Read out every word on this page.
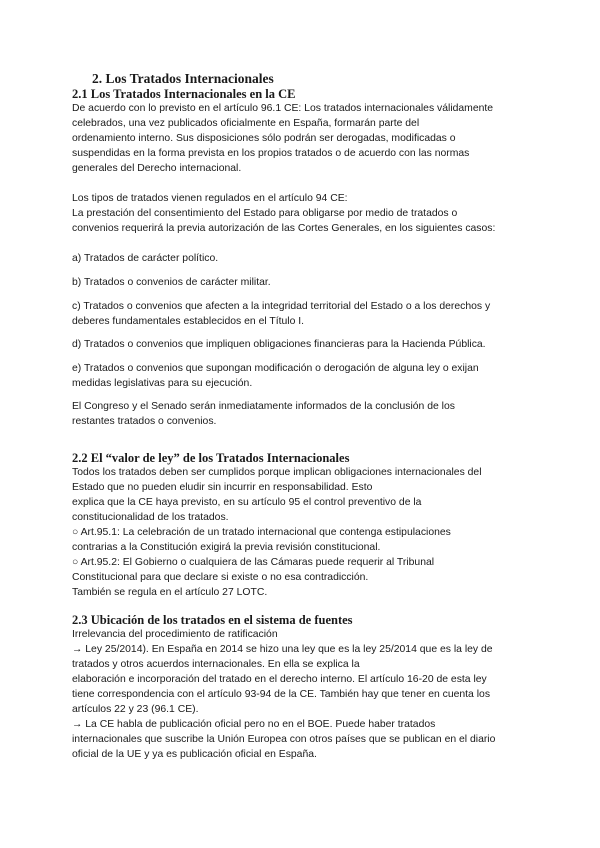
2. Los Tratados Internacionales
2.1 Los Tratados Internacionales en la CE
De acuerdo con lo previsto en el artículo 96.1 CE: Los tratados internacionales válidamente
celebrados, una vez publicados oficialmente en España, formarán parte del
ordenamiento interno. Sus disposiciones sólo podrán ser derogadas, modificadas o
suspendidas en la forma prevista en los propios tratados o de acuerdo con las normas
generales del Derecho internacional.
Los tipos de tratados vienen regulados en el artículo 94 CE:
La prestación del consentimiento del Estado para obligarse por medio de tratados o
convenios requerirá la previa autorización de las Cortes Generales, en los siguientes casos:
a) Tratados de carácter político.
b) Tratados o convenios de carácter militar.
c) Tratados o convenios que afecten a la integridad territorial del Estado o a los derechos y
deberes fundamentales establecidos en el Título I.
d) Tratados o convenios que impliquen obligaciones financieras para la Hacienda Pública.
e) Tratados o convenios que supongan modificación o derogación de alguna ley o exijan
medidas legislativas para su ejecución.
El Congreso y el Senado serán inmediatamente informados de la conclusión de los
restantes tratados o convenios.
2.2 El “valor de ley” de los Tratados Internacionales
Todos los tratados deben ser cumplidos porque implican obligaciones internacionales del
Estado que no pueden eludir sin incurrir en responsabilidad. Esto
explica que la CE haya previsto, en su artículo 95 el control preventivo de la
constitucionalidad de los tratados.
○ Art.95.1: La celebración de un tratado internacional que contenga estipulaciones
contrarias a la Constitución exigirá la previa revisión constitucional.
○ Art.95.2: El Gobierno o cualquiera de las Cámaras puede requerir al Tribunal
Constitucional para que declare si existe o no esa contradicción.
También se regula en el artículo 27 LOTC.
2.3 Ubicación de los tratados en el sistema de fuentes
Irrelevancia del procedimiento de ratificación
→ Ley 25/2014). En España en 2014 se hizo una ley que es la ley 25/2014 que es la ley de
tratados y otros acuerdos internacionales. En ella se explica la
elaboración e incorporación del tratado en el derecho interno. El artículo 16-20 de esta ley
tiene correspondencia con el artículo 93-94 de la CE. También hay que tener en cuenta los
artículos 22 y 23 (96.1 CE).
→ La CE habla de publicación oficial pero no en el BOE. Puede haber tratados
internacionales que suscribe la Unión Europea con otros países que se publican en el diario
oficial de la UE y ya es publicación oficial en España.
